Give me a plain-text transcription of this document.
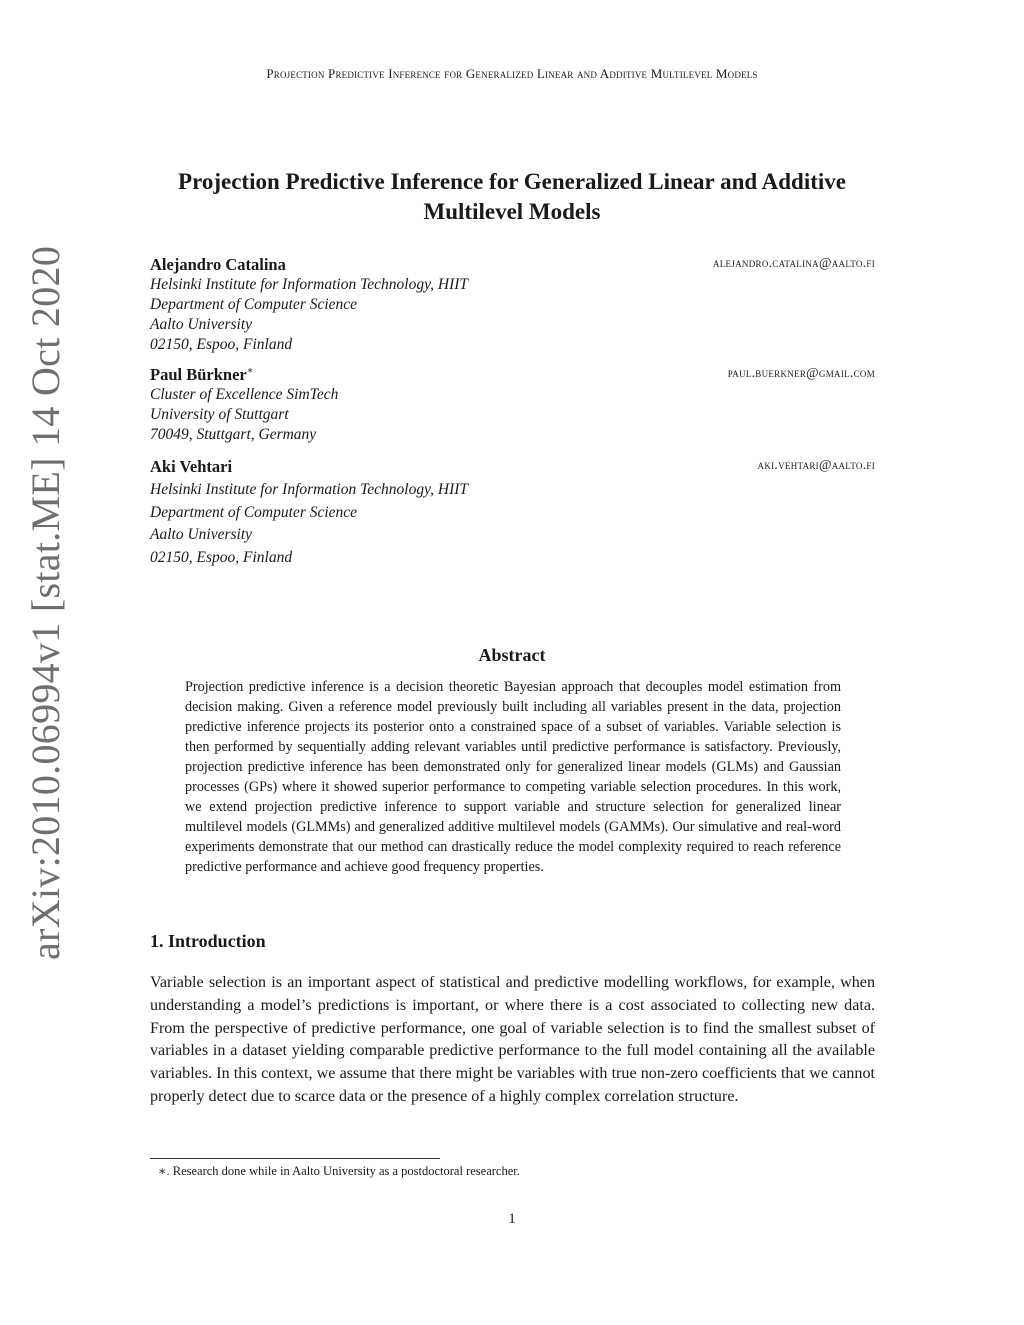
Projection Predictive Inference for Generalized Linear and Additive Multilevel Models
arXiv:2010.06994v1 [stat.ME] 14 Oct 2020
Projection Predictive Inference for Generalized Linear and Additive
Multilevel Models
Alejandro Catalina	alejandro.catalina@aalto.fi
Helsinki Institute for Information Technology, HIIT
Department of Computer Science
Aalto University
02150, Espoo, Finland
Paul Bürkner∗	paul.buerkner@gmail.com
Cluster of Excellence SimTech
University of Stuttgart
70049, Stuttgart, Germany
Aki Vehtari	aki.vehtari@aalto.fi
Helsinki Institute for Information Technology, HIIT
Department of Computer Science
Aalto University
02150, Espoo, Finland
Abstract
Projection predictive inference is a decision theoretic Bayesian approach that decouples model estimation from decision making. Given a reference model previously built including all variables present in the data, projection predictive inference projects its posterior onto a constrained space of a subset of variables. Variable selection is then performed by sequentially adding relevant variables until predictive performance is satisfactory. Previously, projection predictive inference has been demonstrated only for generalized linear models (GLMs) and Gaussian processes (GPs) where it showed superior performance to competing variable selection procedures. In this work, we extend projection predictive inference to support variable and structure selection for generalized linear multilevel models (GLMMs) and generalized additive multilevel models (GAMMs). Our simulative and real-word experiments demonstrate that our method can drastically reduce the model complexity required to reach reference predictive performance and achieve good frequency properties.
1. Introduction
Variable selection is an important aspect of statistical and predictive modelling workflows, for example, when understanding a model’s predictions is important, or where there is a cost associated to collecting new data. From the perspective of predictive performance, one goal of variable selection is to find the smallest subset of variables in a dataset yielding comparable predictive performance to the full model containing all the available variables. In this context, we assume that there might be variables with true non-zero coefficients that we cannot properly detect due to scarce data or the presence of a highly complex correlation structure.
∗. Research done while in Aalto University as a postdoctoral researcher.
1
